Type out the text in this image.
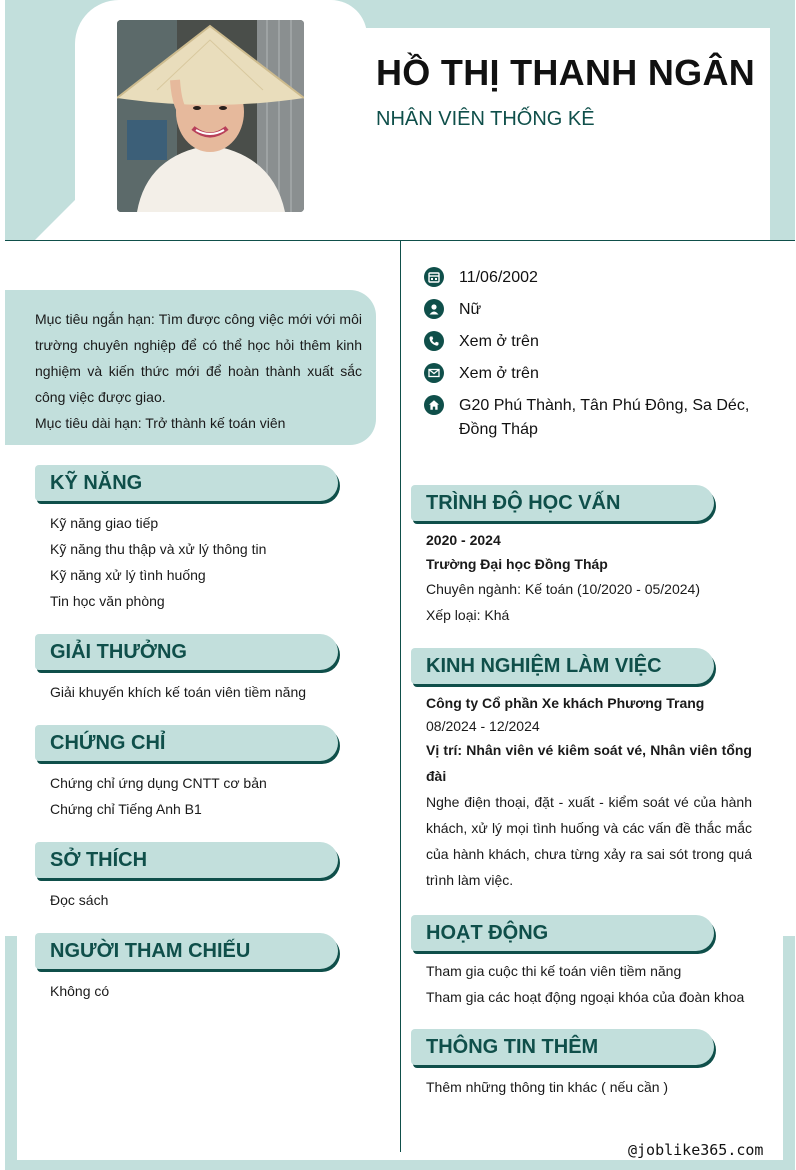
HỒ THỊ THANH NGÂN
NHÂN VIÊN THỐNG KÊ

Mục tiêu ngắn hạn: Tìm được công việc mới với môi trường chuyên nghiệp để có thể học hỏi thêm kinh nghiệm và kiến thức mới để hoàn thành xuất sắc công việc được giao.

Mục tiêu dài hạn: Trở thành kế toán viên

11/06/2002
Nữ
Xem ở trên
Xem ở trên
G20 Phú Thành, Tân Phú Đông, Sa Déc, Đồng Tháp
KỸ NĂNG
Kỹ năng giao tiếp
Kỹ năng thu thập và xử lý thông tin
Kỹ năng xử lý tình huống
Tin học văn phòng
GIẢI THƯỞNG
Giải khuyến khích kế toán viên tiềm năng
CHỨNG CHỈ
Chứng chỉ ứng dụng CNTT cơ bản
Chứng chỉ Tiếng Anh B1
SỞ THÍCH
Đọc sách
NGƯỜI THAM CHIẾU
Không có
TRÌNH ĐỘ HỌC VẤN
2020 - 2024
Trường Đại học Đồng Tháp
Chuyên ngành: Kế toán (10/2020 - 05/2024)
Xếp loại: Khá
KINH NGHIỆM LÀM VIỆC
Công ty Cổ phần Xe khách Phương Trang
08/2024 - 12/2024
Vị trí: Nhân viên vé kiêm soát vé, Nhân viên tổng đài
Nghe điện thoại, đặt - xuất - kiểm soát vé của hành khách, xử lý mọi tình huống và các vấn đề thắc mắc của hành khách, chưa từng xảy ra sai sót trong quá trình làm việc.
HOẠT ĐỘNG
Tham gia cuộc thi kế toán viên tiềm năng
Tham gia các hoạt động ngoại khóa của đoàn khoa
THÔNG TIN THÊM
Thêm những thông tin khác ( nếu cần )
@joblike365.com
